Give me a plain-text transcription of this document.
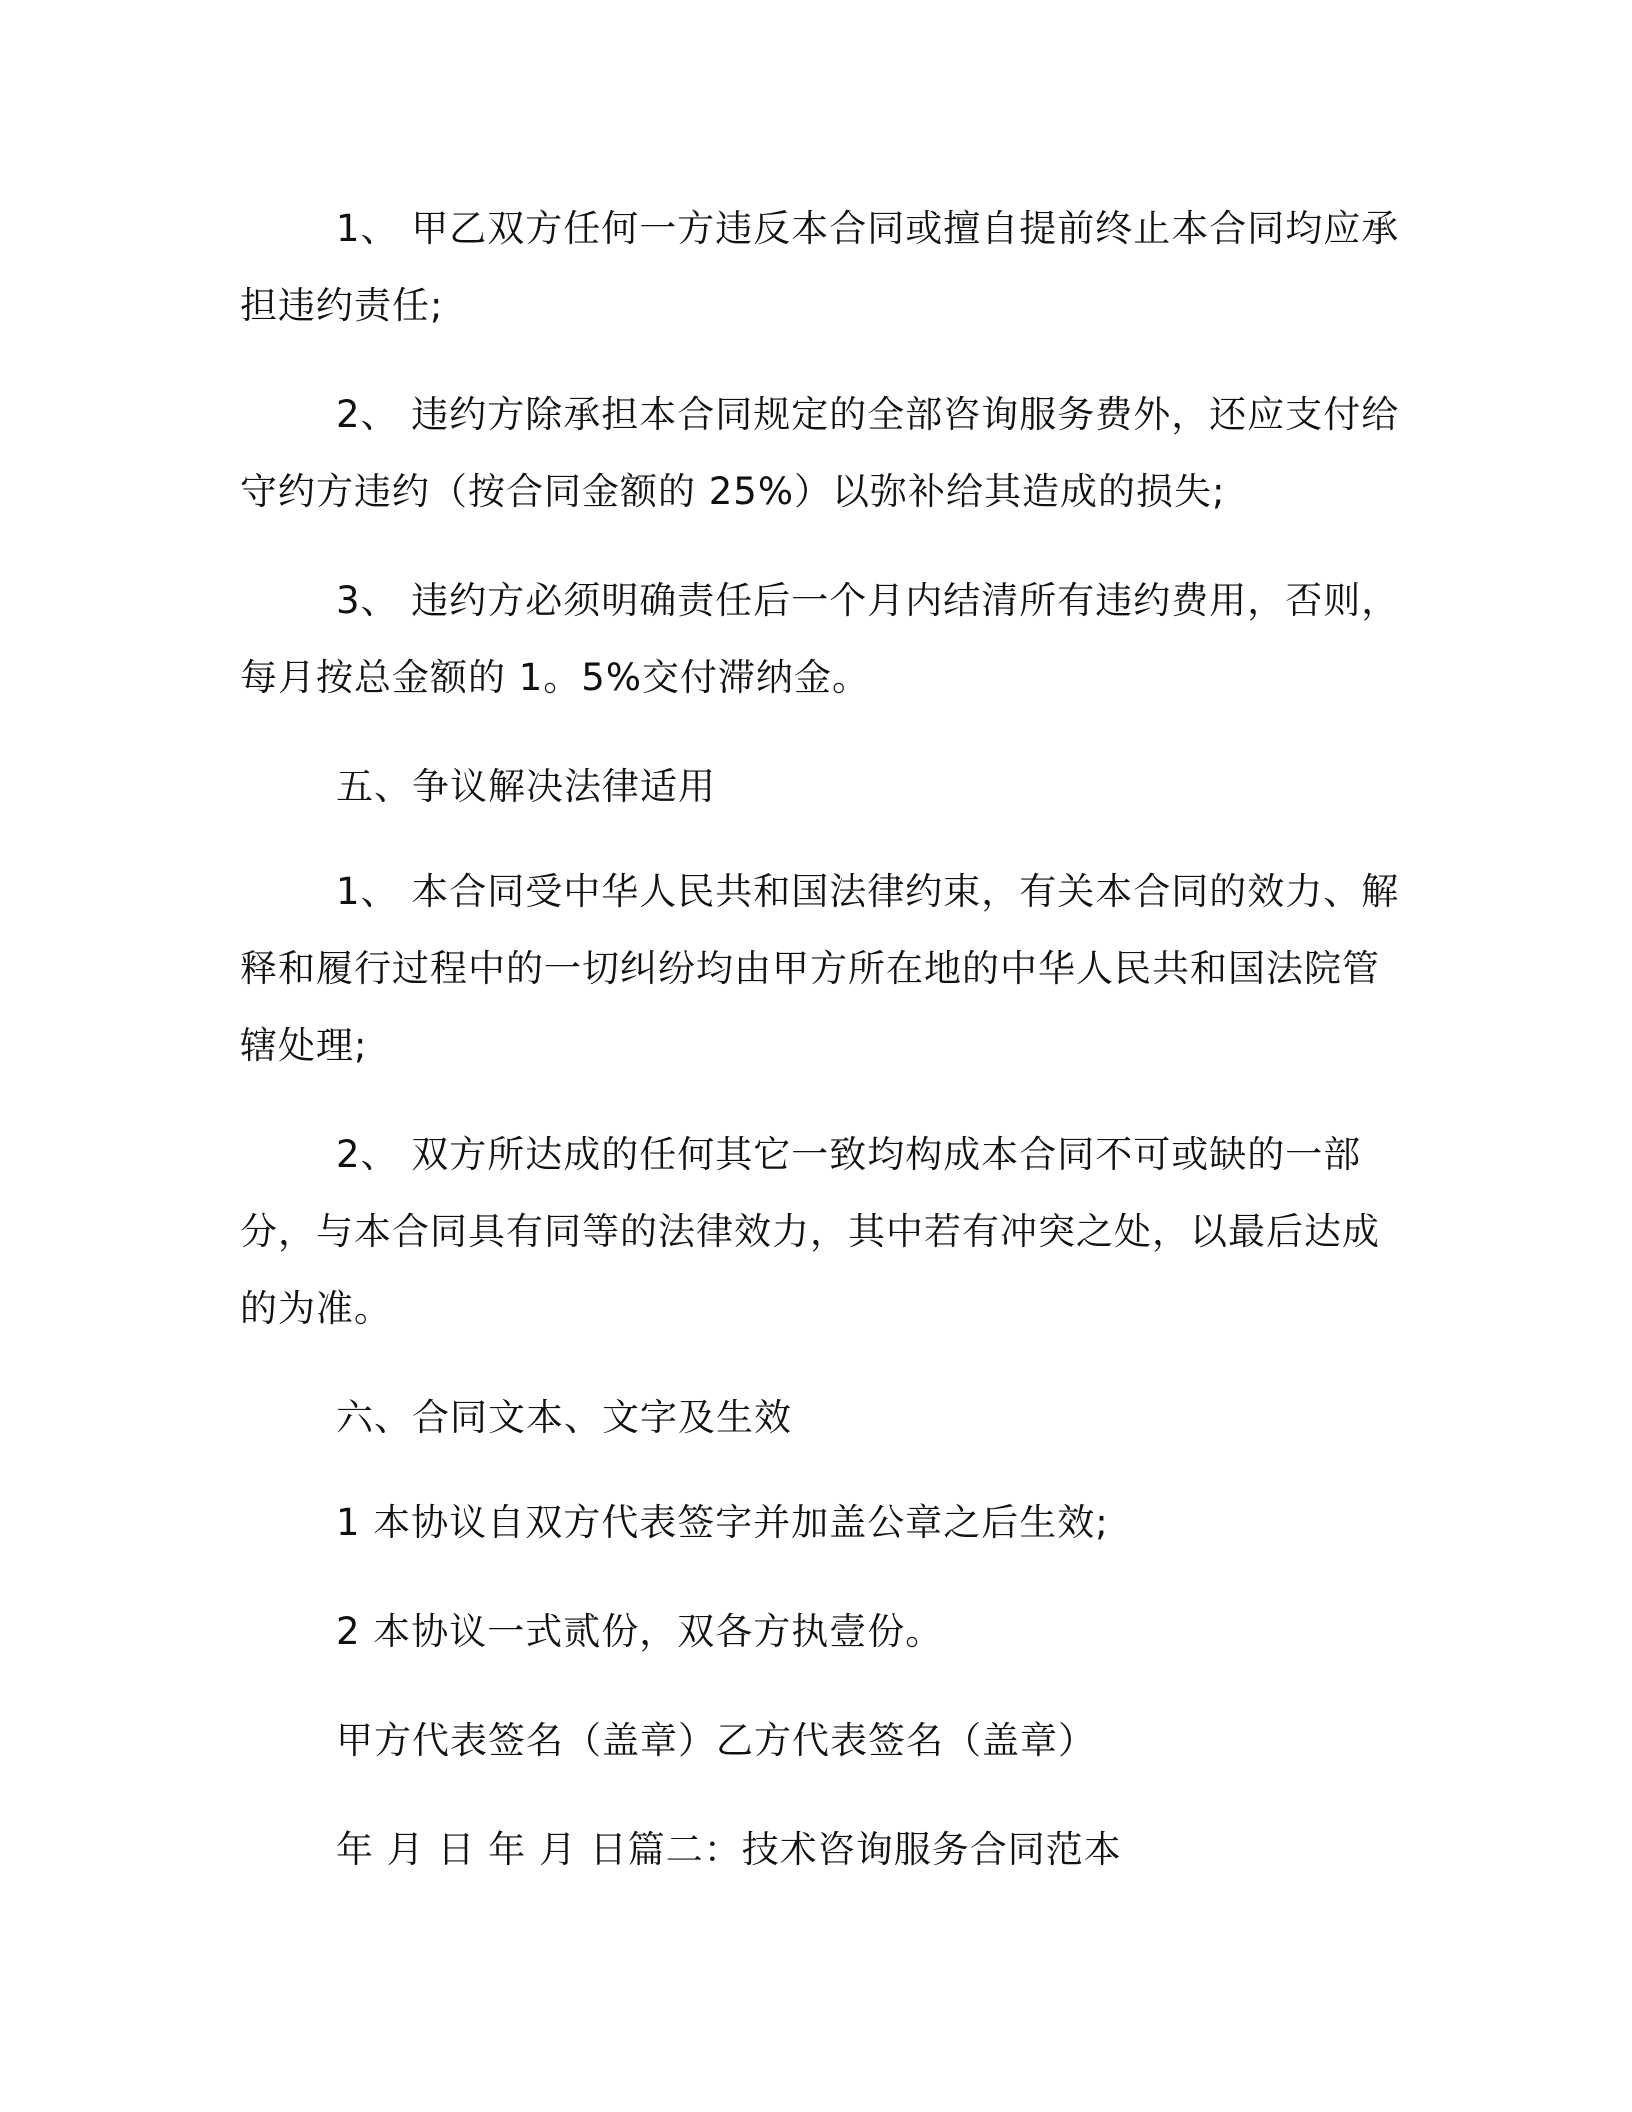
1、 甲乙双方任何一方违反本合同或擅自提前终止本合同均应承担违约责任;

2、 违约方除承担本合同规定的全部咨询服务费外，还应支付给守约方违约（按合同金额的 25%）以弥补给其造成的损失;

3、 违约方必须明确责任后一个月内结清所有违约费用，否则，每月按总金额的 1。5%交付滞纳金。

五、争议解决法律适用

1、 本合同受中华人民共和国法律约束，有关本合同的效力、解释和履行过程中的一切纠纷均由甲方所在地的中华人民共和国法院管辖处理;

2、 双方所达成的任何其它一致均构成本合同不可或缺的一部分，与本合同具有同等的法律效力，其中若有冲突之处，以最后达成的为准。

六、合同文本、文字及生效

1 本协议自双方代表签字并加盖公章之后生效;

2 本协议一式贰份，双各方执壹份。

甲方代表签名（盖章）乙方代表签名（盖章）

年 月 日 年 月 日篇二：技术咨询服务合同范本
